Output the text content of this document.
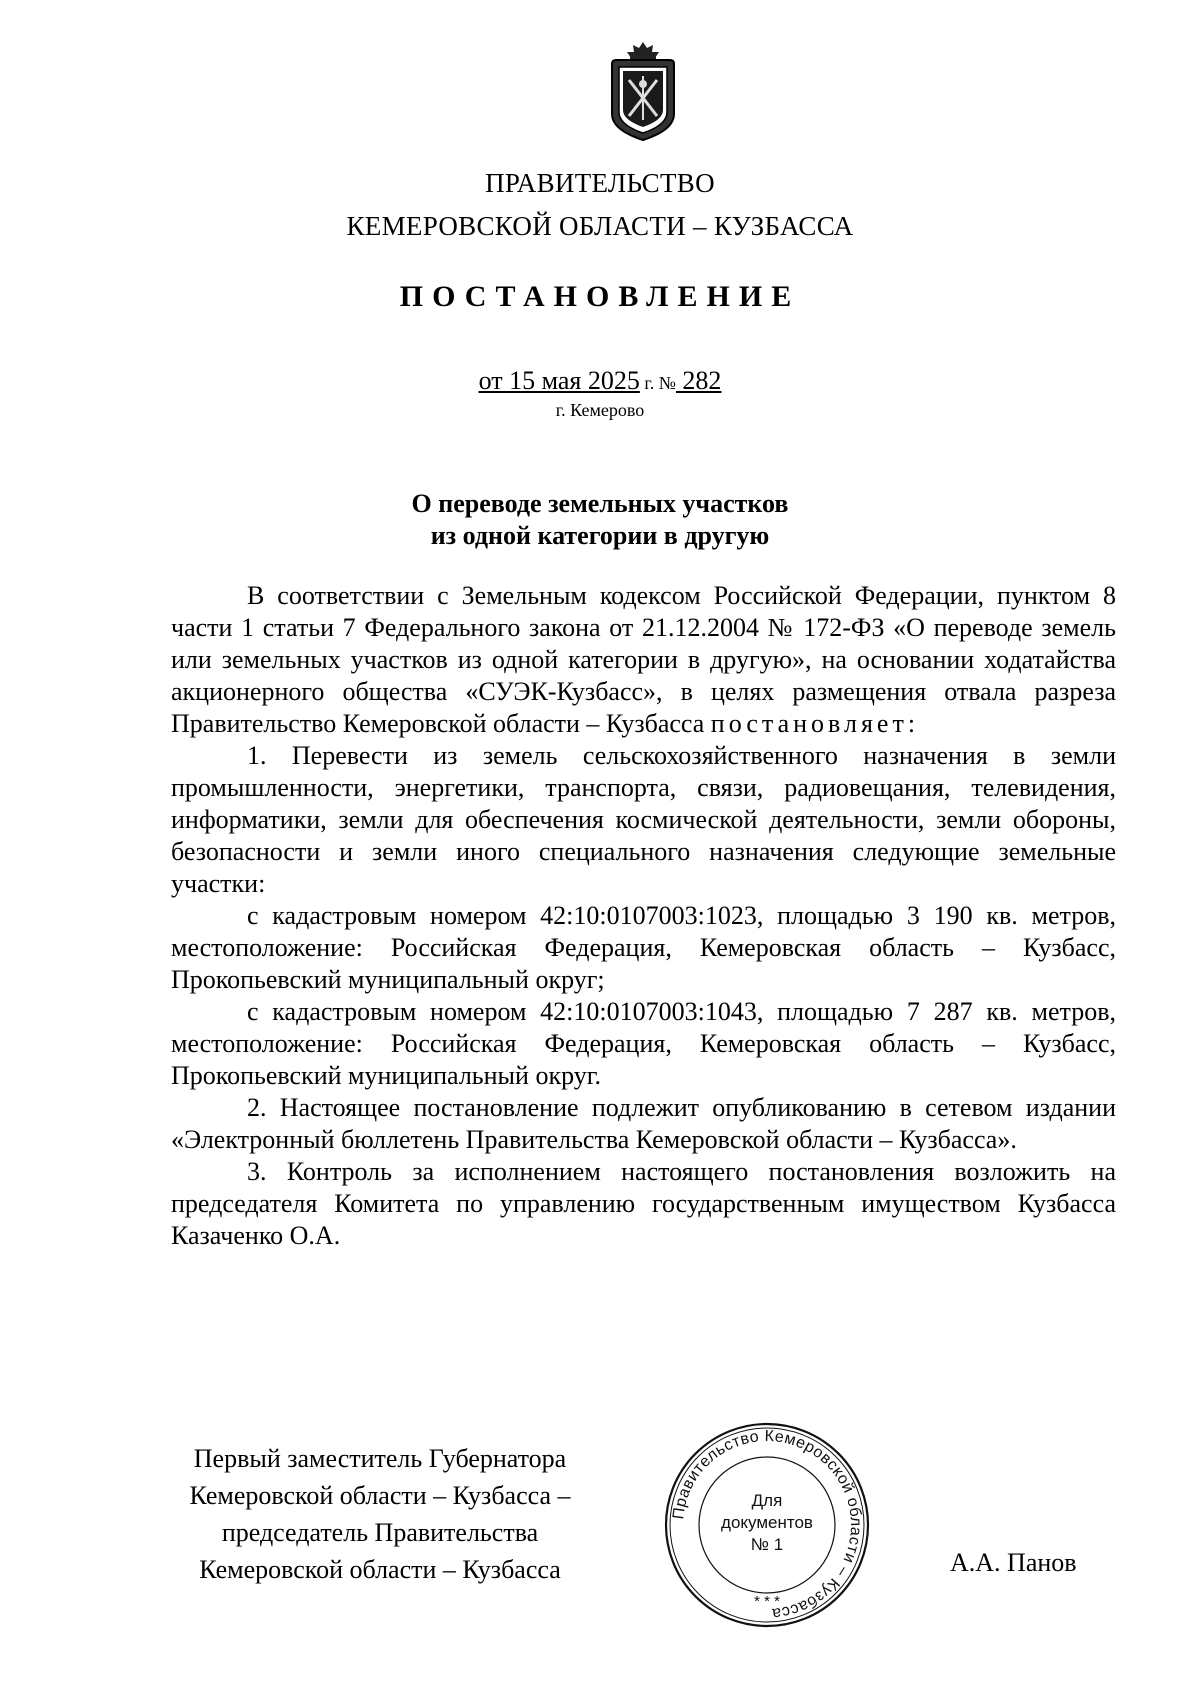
ПРАВИТЕЛЬСТВО
КЕМЕРОВСКОЙ ОБЛАСТИ – КУЗБАССА
ПОСТАНОВЛЕНИЕ
от 15 мая 2025 г. № 282
г. Кемерово
О переводе земельных участков
из одной категории в другую

В соответствии с Земельным кодексом Российской Федерации, пунктом 8 части 1 статьи 7 Федерального закона от 21.12.2004 № 172-ФЗ «О переводе земель или земельных участков из одной категории в другую», на основании ходатайства акционерного общества «СУЭК-Кузбасс», в целях размещения отвала разреза Правительство Кемеровской области – Кузбасса постановляет:

1. Перевести из земель сельскохозяйственного назначения в земли промышленности, энергетики, транспорта, связи, радиовещания, телевидения, информатики, земли для обеспечения космической деятельности, земли обороны, безопасности и земли иного специального назначения следующие земельные участки:

с кадастровым номером 42:10:0107003:1023, площадью 3 190 кв. метров, местоположение: Российская Федерация, Кемеровская область – Кузбасс, Прокопьевский муниципальный округ;

с кадастровым номером 42:10:0107003:1043, площадью 7 287 кв. метров, местоположение: Российская Федерация, Кемеровская область – Кузбасс, Прокопьевский муниципальный округ.

2. Настоящее постановление подлежит опубликованию в сетевом издании «Электронный бюллетень Правительства Кемеровской области – Кузбасса».

3. Контроль за исполнением настоящего постановления возложить на председателя Комитета по управлению государственным имуществом Кузбасса Казаченко О.А.

Первый заместитель Губернатора
Кемеровской области – Кузбасса –
председатель Правительства
Кемеровской области – Кузбасса
Правительство Кемеровской области – Кузбасса
* * *
Для
документов
№ 1
А.А. Панов
